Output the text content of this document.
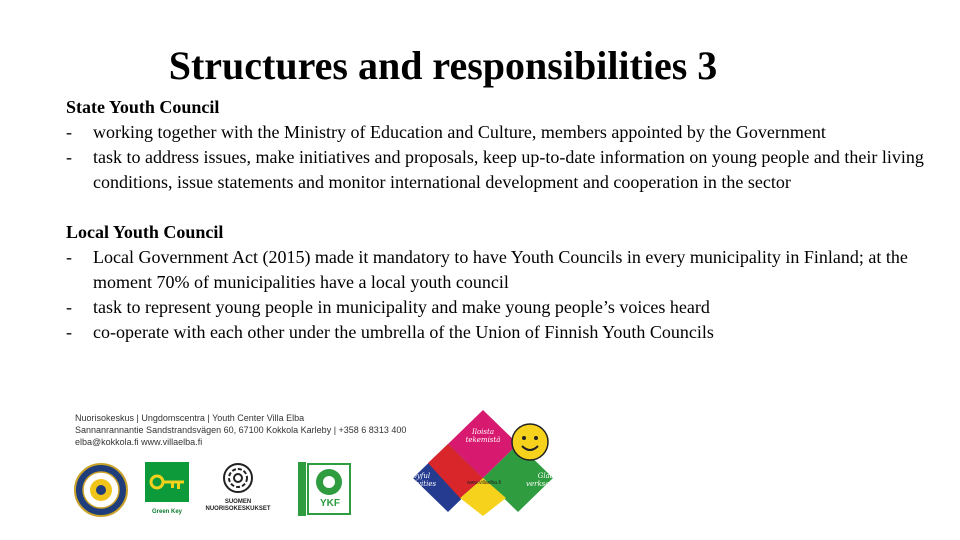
Structures and responsibilities 3
State Youth Council
- working together with the Ministry of Education and Culture, members appointed by the Government
- task to address issues, make initiatives and proposals, keep up-to-date information on young people and their living conditions, issue statements and monitor international development and cooperation in the sector
Local Youth Council
- Local Government Act (2015) made it mandatory to have Youth Councils in every municipality in Finland; at the moment 70% of municipalities have a local youth council
- task to represent young people in municipality and make young people’s voices heard
- co-operate with each other under the umbrella of the Union of Finnish Youth Councils
Nuorisokeskus | Ungdomscentra | Youth Center Villa Elba
Sannanrannantie Sandstrandsvägen 60, 67100 Kokkola Karleby | +358 6 8313 400
elba@kokkola.fi www.villaelba.fi
Green Key
SUOMEN
NUORISOKESKUKSET	YKF
Iloista tekemistä
Joyful activities
Glad verksamhet
www.villaelba.fi
